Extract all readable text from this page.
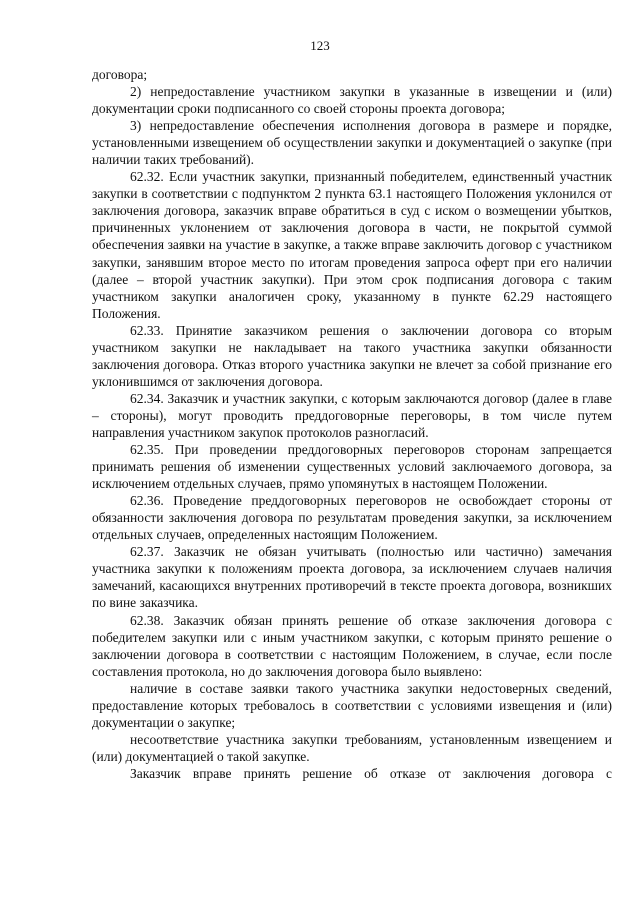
123

договора;

2) непредоставление участником закупки в указанные в извещении и (или) документации сроки подписанного со своей стороны проекта договора;

3) непредоставление обеспечения исполнения договора в размере и порядке, установленными извещением об осуществлении закупки и документацией о закупке (при наличии таких требований).

62.32. Если участник закупки, признанный победителем, единственный участник закупки в соответствии с подпунктом 2 пункта 63.1 настоящего Положения уклонился от заключения договора, заказчик вправе обратиться в суд с иском о возмещении убытков, причиненных уклонением от заключения договора в части, не покрытой суммой обеспечения заявки на участие в закупке, а также вправе заключить договор с участником закупки, занявшим второе место по итогам проведения запроса оферт при его наличии (далее – второй участник закупки). При этом срок подписания договора с таким участником закупки аналогичен сроку, указанному в пункте 62.29 настоящего Положения.

62.33. Принятие заказчиком решения о заключении договора со вторым участником закупки не накладывает на такого участника закупки обязанности заключения договора. Отказ второго участника закупки не влечет за собой признание его уклонившимся от заключения договора.

62.34. Заказчик и участник закупки, с которым заключаются договор (далее в главе – стороны), могут проводить преддоговорные переговоры, в том числе путем направления участником закупок протоколов разногласий.

62.35. При проведении преддоговорных переговоров сторонам запрещается принимать решения об изменении существенных условий заключаемого договора, за исключением отдельных случаев, прямо упомянутых в настоящем Положении.

62.36. Проведение преддоговорных переговоров не освобождает стороны от обязанности заключения договора по результатам проведения закупки, за исключением отдельных случаев, определенных настоящим Положением.

62.37. Заказчик не обязан учитывать (полностью или частично) замечания участника закупки к положениям проекта договора, за исключением случаев наличия замечаний, касающихся внутренних противоречий в тексте проекта договора, возникших по вине заказчика.

62.38. Заказчик обязан принять решение об отказе заключения договора с победителем закупки или с иным участником закупки, с которым принято решение о заключении договора в соответствии с настоящим Положением, в случае, если после составления протокола, но до заключения договора было выявлено:

наличие в составе заявки такого участника закупки недостоверных сведений, предоставление которых требовалось в соответствии с условиями извещения и (или) документации о закупке;

несоответствие участника закупки требованиям, установленным извещением и (или) документацией о такой закупке.

Заказчик вправе принять решение об отказе от заключения договора с
